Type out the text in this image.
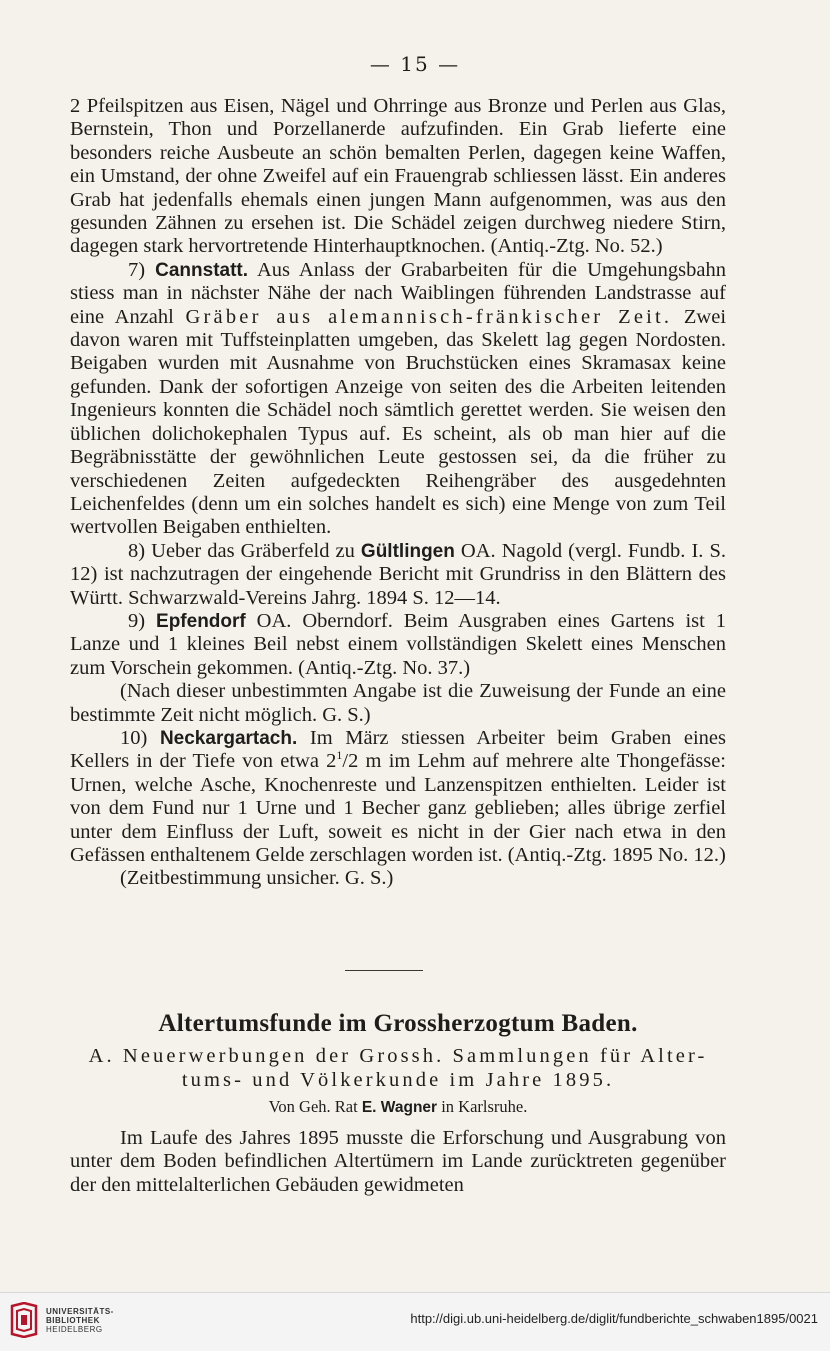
— 15 —

2 Pfeilspitzen aus Eisen, Nägel und Ohrringe aus Bronze und Perlen aus Glas, Bernstein, Thon und Porzellanerde aufzufinden. Ein Grab lieferte eine besonders reiche Ausbeute an schön bemalten Perlen, dagegen keine Waffen, ein Umstand, der ohne Zweifel auf ein Frauengrab schliessen lässt. Ein anderes Grab hat jedenfalls ehemals einen jungen Mann aufgenommen, was aus den gesunden Zähnen zu ersehen ist. Die Schädel zeigen durchweg niedere Stirn, dagegen stark hervortretende Hinterhauptknochen. (Antiq.-Ztg. No. 52.)

7) Cannstatt. Aus Anlass der Grabarbeiten für die Umgehungsbahn stiess man in nächster Nähe der nach Waiblingen führenden Landstrasse auf eine Anzahl Gräber aus alemannisch-fränkischer Zeit. Zwei davon waren mit Tuffsteinplatten umgeben, das Skelett lag gegen Nordosten. Beigaben wurden mit Ausnahme von Bruchstücken eines Skramasax keine gefunden. Dank der sofortigen Anzeige von seiten des die Arbeiten leitenden Ingenieurs konnten die Schädel noch sämtlich gerettet werden. Sie weisen den üblichen dolichokephalen Typus auf. Es scheint, als ob man hier auf die Begräbnisstätte der gewöhnlichen Leute gestossen sei, da die früher zu verschiedenen Zeiten aufgedeckten Reihengräber des ausgedehnten Leichenfeldes (denn um ein solches handelt es sich) eine Menge von zum Teil wertvollen Beigaben enthielten.

8) Ueber das Gräberfeld zu Gültlingen OA. Nagold (vergl. Fundb. I. S. 12) ist nachzutragen der eingehende Bericht mit Grundriss in den Blättern des Württ. Schwarzwald-Vereins Jahrg. 1894 S. 12—14.

9) Epfendorf OA. Oberndorf. Beim Ausgraben eines Gartens ist 1 Lanze und 1 kleines Beil nebst einem vollständigen Skelett eines Menschen zum Vorschein gekommen. (Antiq.-Ztg. No. 37.)

(Nach dieser unbestimmten Angabe ist die Zuweisung der Funde an eine bestimmte Zeit nicht möglich. G. S.)

10) Neckargartach. Im März stiessen Arbeiter beim Graben eines Kellers in der Tiefe von etwa $2^1/2$ m im Lehm auf mehrere alte Thongefässe: Urnen, welche Asche, Knochenreste und Lanzenspitzen enthielten. Leider ist von dem Fund nur 1 Urne und 1 Becher ganz geblieben; alles übrige zerfiel unter dem Einfluss der Luft, soweit es nicht in der Gier nach etwa in den Gefässen enthaltenem Gelde zerschlagen worden ist. (Antiq.-Ztg. 1895 No. 12.)

(Zeitbestimmung unsicher. G. S.)

Altertumsfunde im Grossherzogtum Baden.
A. Neuerwerbungen der Grossh. Sammlungen für Alter-
tums- und Völkerkunde im Jahre 1895.
Von Geh. Rat E. Wagner in Karlsruhe.

Im Laufe des Jahres 1895 musste die Erforschung und Ausgrabung von unter dem Boden befindlichen Altertümern im Lande zurücktreten gegenüber der den mittelalterlichen Gebäuden gewidmeten

UNIVERSITÄTS-
BIBLIOTHEK
HEIDELBERG
http://digi.ub.uni-heidelberg.de/diglit/fundberichte_schwaben1895/0021
